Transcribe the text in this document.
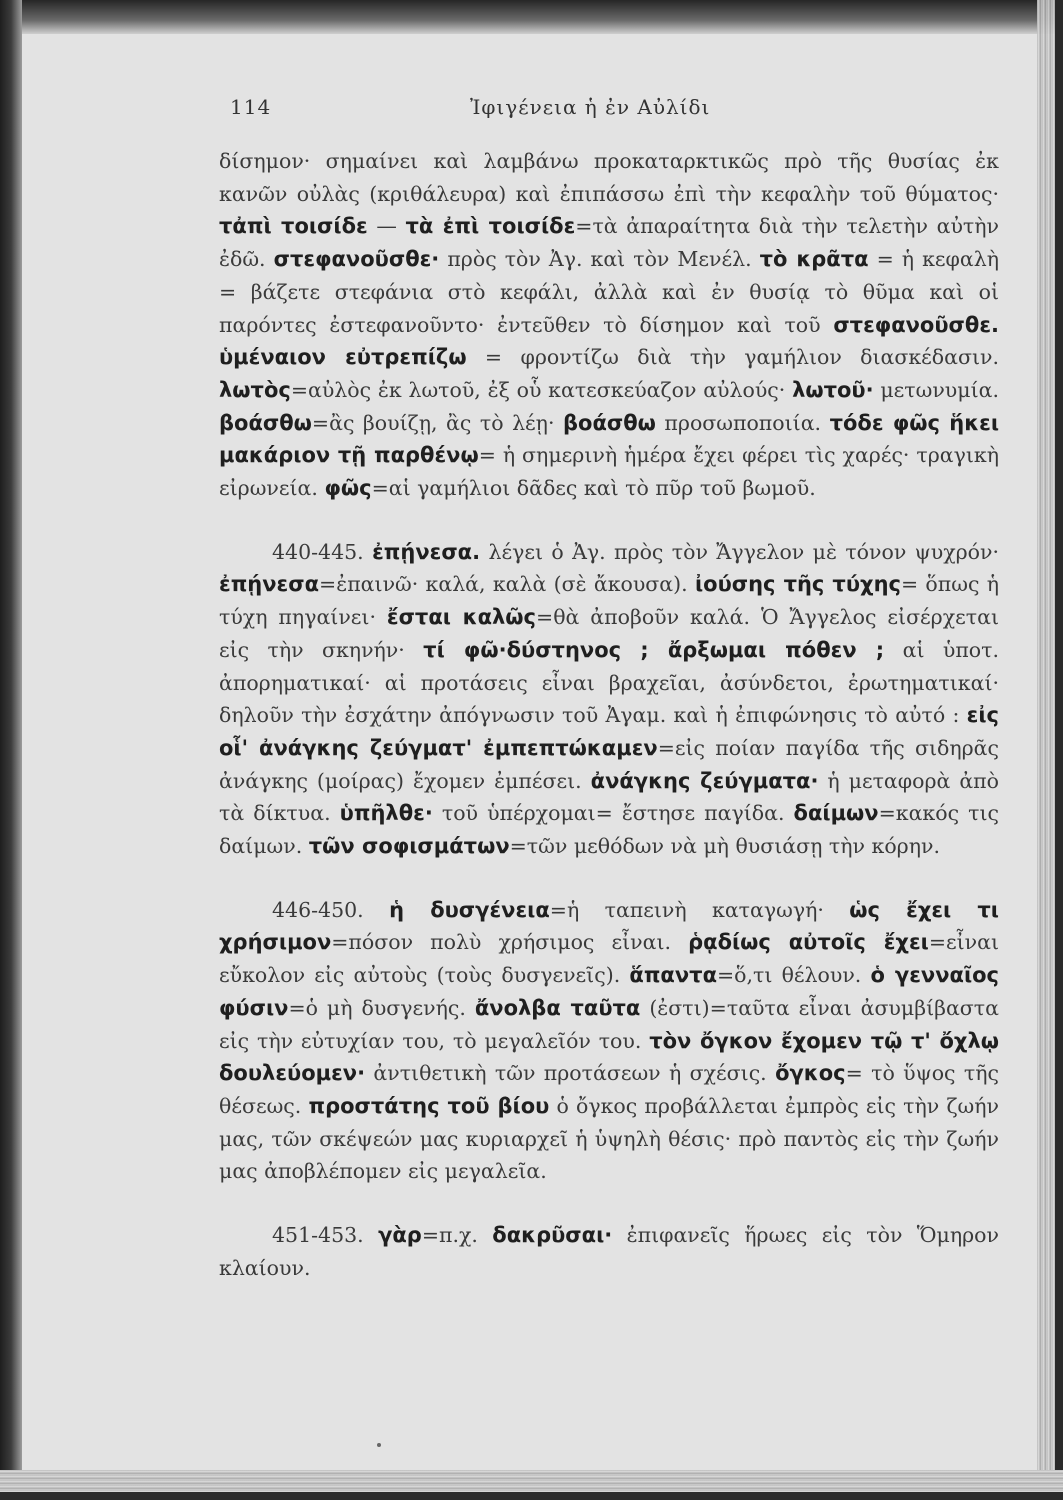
114	Ἰφιγένεια ἡ ἐν Αὐλίδι

δίσημον· σημαίνει καὶ λαμβάνω προκαταρκτικῶς πρὸ τῆς θυσίας ἐκ κανῶν οὐλὰς (κριθάλευρα) καὶ ἐπιπάσσω ἐπὶ τὴν κεφαλὴν τοῦ θύματος· τἀπὶ τοισίδε — τὰ ἐπὶ τοισίδε=τὰ ἀπαραίτητα διὰ τὴν τελετὴν αὐτὴν ἐδῶ. στεφανοῦσθε· πρὸς τὸν Ἀγ. καὶ τὸν Μενέλ. τὸ κρᾶτα = ἡ κεφαλὴ = βάζετε στεφάνια στὸ κεφάλι, ἀλλὰ καὶ ἐν θυσίᾳ τὸ θῦμα καὶ οἱ παρόντες ἐστεφανοῦντο· ἐντεῦθεν τὸ δίσημον καὶ τοῦ στεφανοῦσθε. ὑμέναιον εὐτρεπίζω = φροντίζω διὰ τὴν γαμήλιον διασκέδασιν. λωτὸς=αὐλὸς ἐκ λωτοῦ, ἐξ οὗ κατεσκεύαζον αὐλούς· λωτοῦ· μετωνυμία. βοάσθω=ἂς βουίζῃ, ἂς τὸ λέῃ· βοάσθω προσωποποιία. τόδε φῶς ἥκει μακάριον τῇ παρθένῳ= ἡ σημερινὴ ἡμέρα ἔχει φέρει τὶς χαρές· τραγικὴ εἰρωνεία. φῶς=αἱ γαμήλιοι δᾶδες καὶ τὸ πῦρ τοῦ βωμοῦ.

440-445. ἐπῄνεσα. λέγει ὁ Ἀγ. πρὸς τὸν Ἄγγελον μὲ τόνον ψυχρόν· ἐπῄνεσα=ἐπαινῶ· καλά, καλὰ (σὲ ἄκουσα). ἰούσης τῆς τύχης= ὅπως ἡ τύχη πηγαίνει· ἔσται καλῶς=θὰ ἀποβοῦν καλά. Ὁ Ἄγγελος εἰσέρχεται εἰς τὴν σκηνήν· τί φῶ·δύστηνος ; ἄρξωμαι πόθεν ; αἱ ὑποτ. ἀπορηματικαί· αἱ προτάσεις εἶναι βραχεῖαι, ἀσύνδετοι, ἐρωτηματικαί· δηλοῦν τὴν ἐσχάτην ἀπόγνωσιν τοῦ Ἀγαμ. καὶ ἡ ἐπιφώνησις τὸ αὐτό : εἰς οἷ' ἀνάγκης ζεύγματ' ἐμπεπτώκαμεν=εἰς ποίαν παγίδα τῆς σιδηρᾶς ἀνάγκης (μοίρας) ἔχομεν ἐμπέσει. ἀνάγκης ζεύγματα· ἡ μεταφορὰ ἀπὸ τὰ δίκτυα. ὑπῆλθε· τοῦ ὑπέρχομαι= ἔστησε παγίδα. δαίμων=κακός τις δαίμων. τῶν σοφισμάτων=τῶν μεθόδων νὰ μὴ θυσιάσῃ τὴν κόρην.

446-450. ἡ δυσγένεια=ἡ ταπεινὴ καταγωγή· ὡς ἔχει τι χρήσιμον=πόσον πολὺ χρήσιμος εἶναι. ῥᾳδίως αὐτοῖς ἔχει=εἶναι εὔκολον εἰς αὐτοὺς (τοὺς δυσγενεῖς). ἅπαντα=ὅ,τι θέλουν. ὁ γενναῖος φύσιν=ὁ μὴ δυσγενής. ἄνολβα ταῦτα (ἐστι)=ταῦτα εἶναι ἀσυμβίβαστα εἰς τὴν εὐτυχίαν του, τὸ μεγαλεῖόν του. τὸν ὄγκον ἔχομεν τῷ τ' ὄχλῳ δουλεύομεν· ἀντιθετικὴ τῶν προτάσεων ἡ σχέσις. ὄγκος= τὸ ὕψος τῆς θέσεως. προστάτης τοῦ βίου ὁ ὄγκος προβάλλεται ἐμπρὸς εἰς τὴν ζωήν μας, τῶν σκέψεών μας κυριαρχεῖ ἡ ὑψηλὴ θέσις· πρὸ παντὸς εἰς τὴν ζωήν μας ἀποβλέπομεν εἰς μεγαλεῖα.

451-453. γὰρ=π.χ. δακρῦσαι· ἐπιφανεῖς ἥρωες εἰς τὸν Ὅμηρον κλαίουν.
